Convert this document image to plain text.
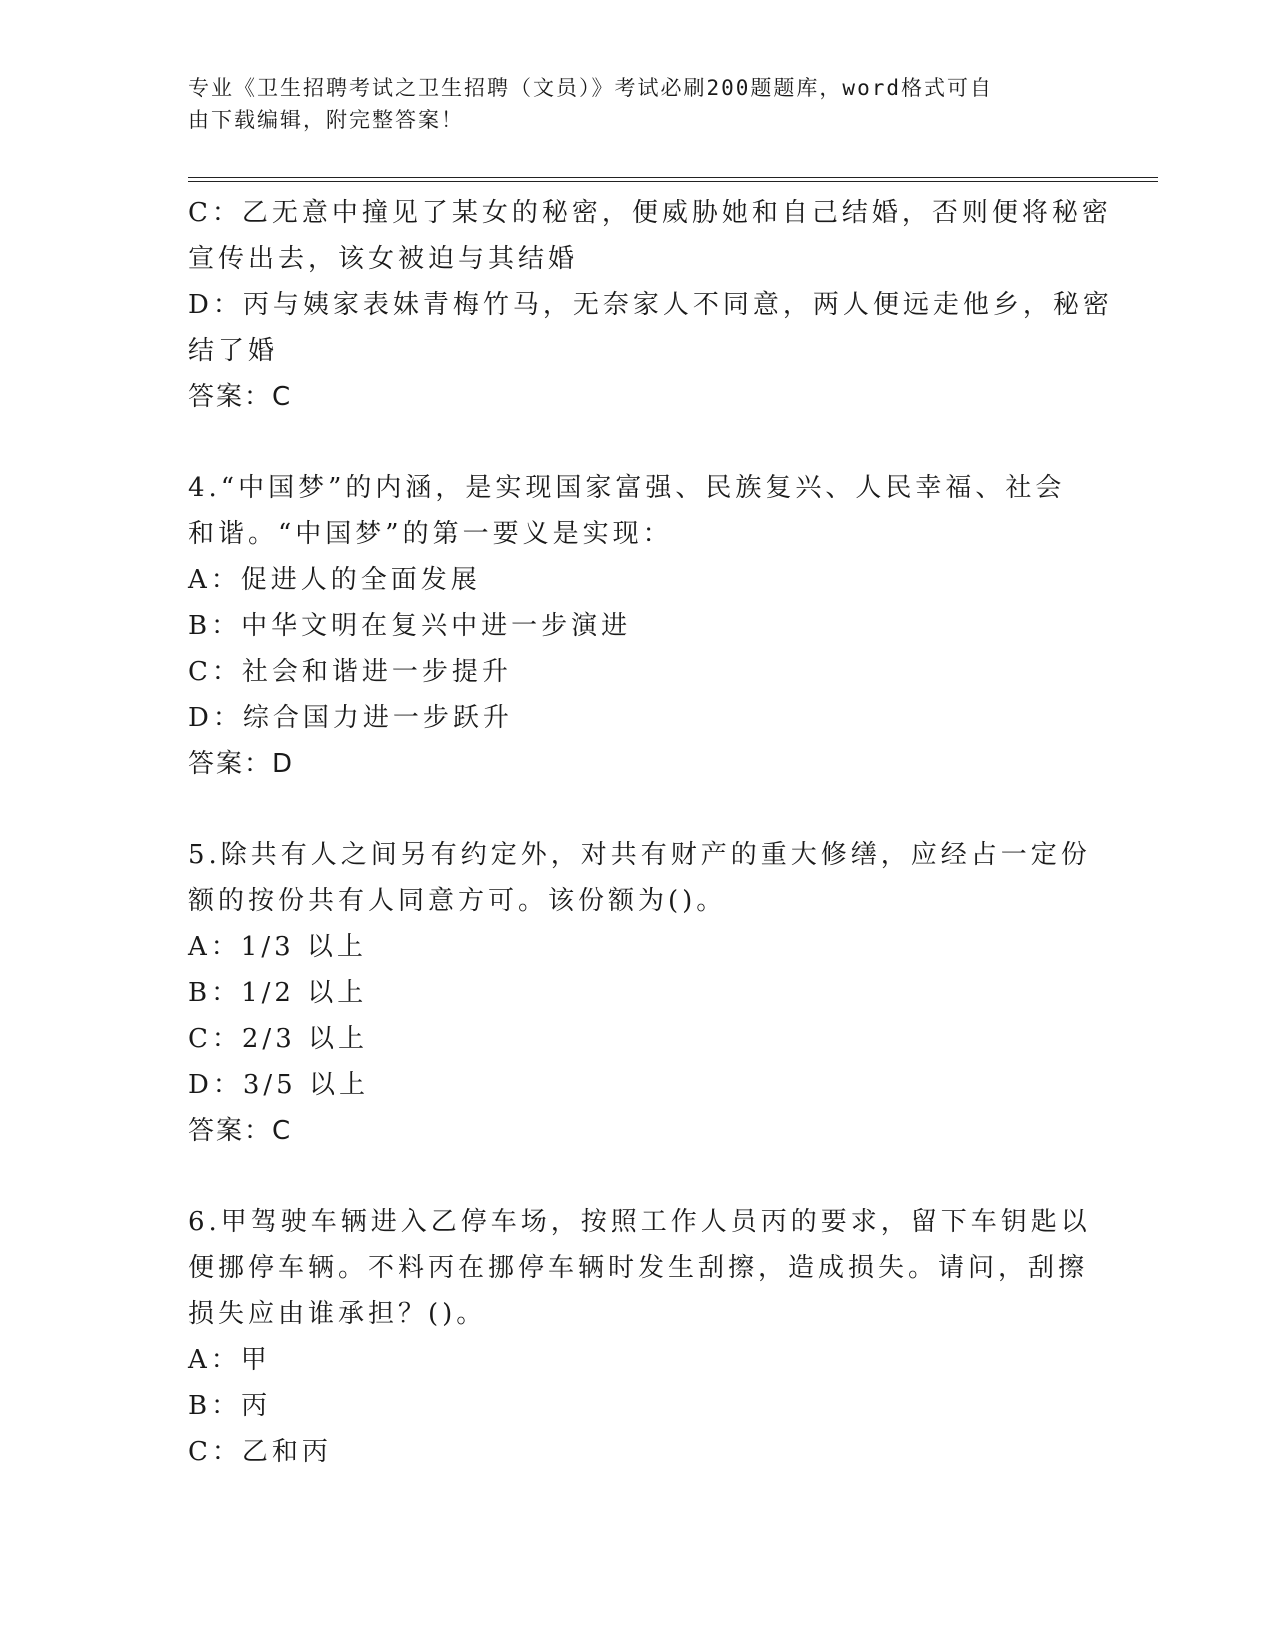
专业《卫生招聘考试之卫生招聘（文员）》考试必刷200题题库，word格式可自
由下载编辑，附完整答案！
C：乙无意中撞见了某女的秘密，便威胁她和自己结婚，否则便将秘密
宣传出去，该女被迫与其结婚
D：丙与姨家表妹青梅竹马，无奈家人不同意，两人便远走他乡，秘密
结了婚
答案：C
4.“中国梦”的内涵，是实现国家富强、民族复兴、人民幸福、社会
和谐。“中国梦”的第一要义是实现：
A：促进人的全面发展
B：中华文明在复兴中进一步演进
C：社会和谐进一步提升
D：综合国力进一步跃升
答案：D
5.除共有人之间另有约定外，对共有财产的重大修缮，应经占一定份
额的按份共有人同意方可。该份额为()。
A：1/3 以上
B：1/2 以上
C：2/3 以上
D：3/5 以上
答案：C
6.甲驾驶车辆进入乙停车场，按照工作人员丙的要求，留下车钥匙以
便挪停车辆。不料丙在挪停车辆时发生刮擦，造成损失。请问，刮擦
损失应由谁承担？()。
A：甲
B：丙
C：乙和丙
